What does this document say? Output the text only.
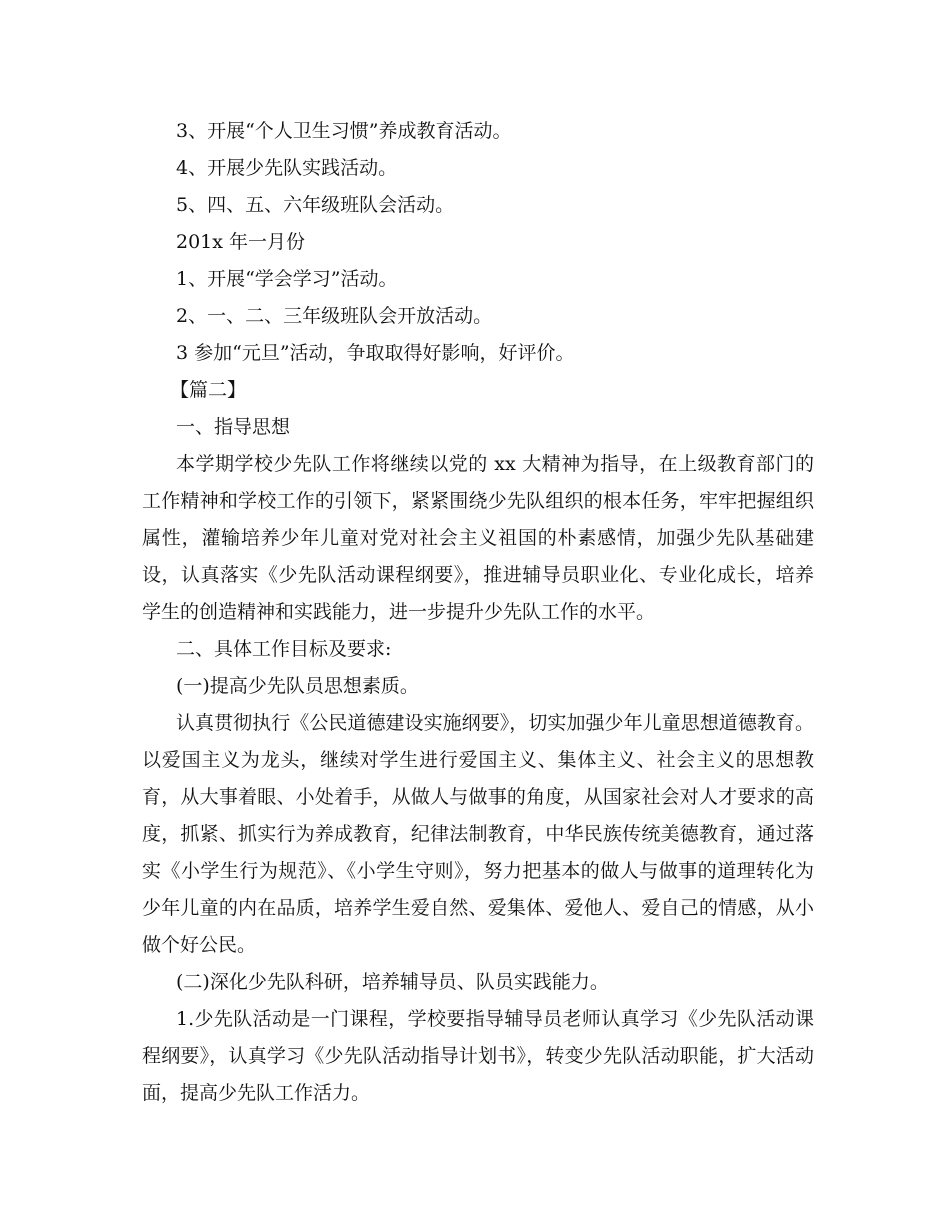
3、开展“个人卫生习惯”养成教育活动。

4、开展少先队实践活动。

5、四、五、六年级班队会活动。

201x 年一月份

1、开展“学会学习”活动。

2、一、二、三年级班队会开放活动。

3 参加“元旦”活动，争取取得好影响，好评价。

【篇二】

一、指导思想

本学期学校少先队工作将继续以党的 xx 大精神为指导，在上级教育部门的工作精神和学校工作的引领下，紧紧围绕少先队组织的根本任务，牢牢把握组织属性，灌输培养少年儿童对党对社会主义祖国的朴素感情，加强少先队基础建设，认真落实《少先队活动课程纲要》，推进辅导员职业化、专业化成长，培养学生的创造精神和实践能力，进一步提升少先队工作的水平。

二、具体工作目标及要求:

(一)提高少先队员思想素质。

认真贯彻执行《公民道德建设实施纲要》，切实加强少年儿童思想道德教育。以爱国主义为龙头，继续对学生进行爱国主义、集体主义、社会主义的思想教育，从大事着眼、小处着手，从做人与做事的角度，从国家社会对人才要求的高度，抓紧、抓实行为养成教育，纪律法制教育，中华民族传统美德教育，通过落实《小学生行为规范》、《小学生守则》，努力把基本的做人与做事的道理转化为少年儿童的内在品质，培养学生爱自然、爱集体、爱他人、爱自己的情感，从小做个好公民。

(二)深化少先队科研，培养辅导员、队员实践能力。

1.少先队活动是一门课程，学校要指导辅导员老师认真学习《少先队活动课程纲要》，认真学习《少先队活动指导计划书》，转变少先队活动职能，扩大活动面，提高少先队工作活力。
